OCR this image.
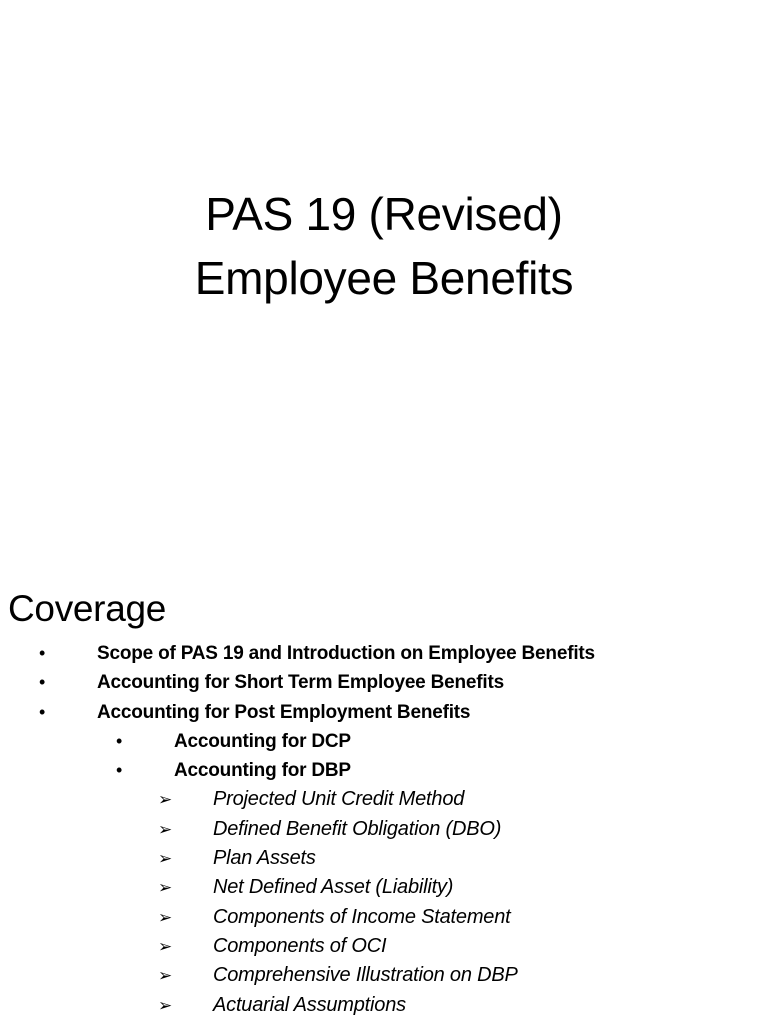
PAS 19 (Revised)
Employee Benefits
Coverage
•	Scope of PAS 19 and Introduction on Employee Benefits
•	Accounting for Short Term Employee Benefits
•	Accounting for Post Employment Benefits
•	Accounting for DCP
•	Accounting for DBP
➢ Projected Unit Credit Method
➢ Defined Benefit Obligation (DBO)
➢ Plan Assets
➢ Net Defined Asset (Liability)
➢ Components of Income Statement
➢ Components of OCI
➢ Comprehensive Illustration on DBP
➢ Actuarial Assumptions
